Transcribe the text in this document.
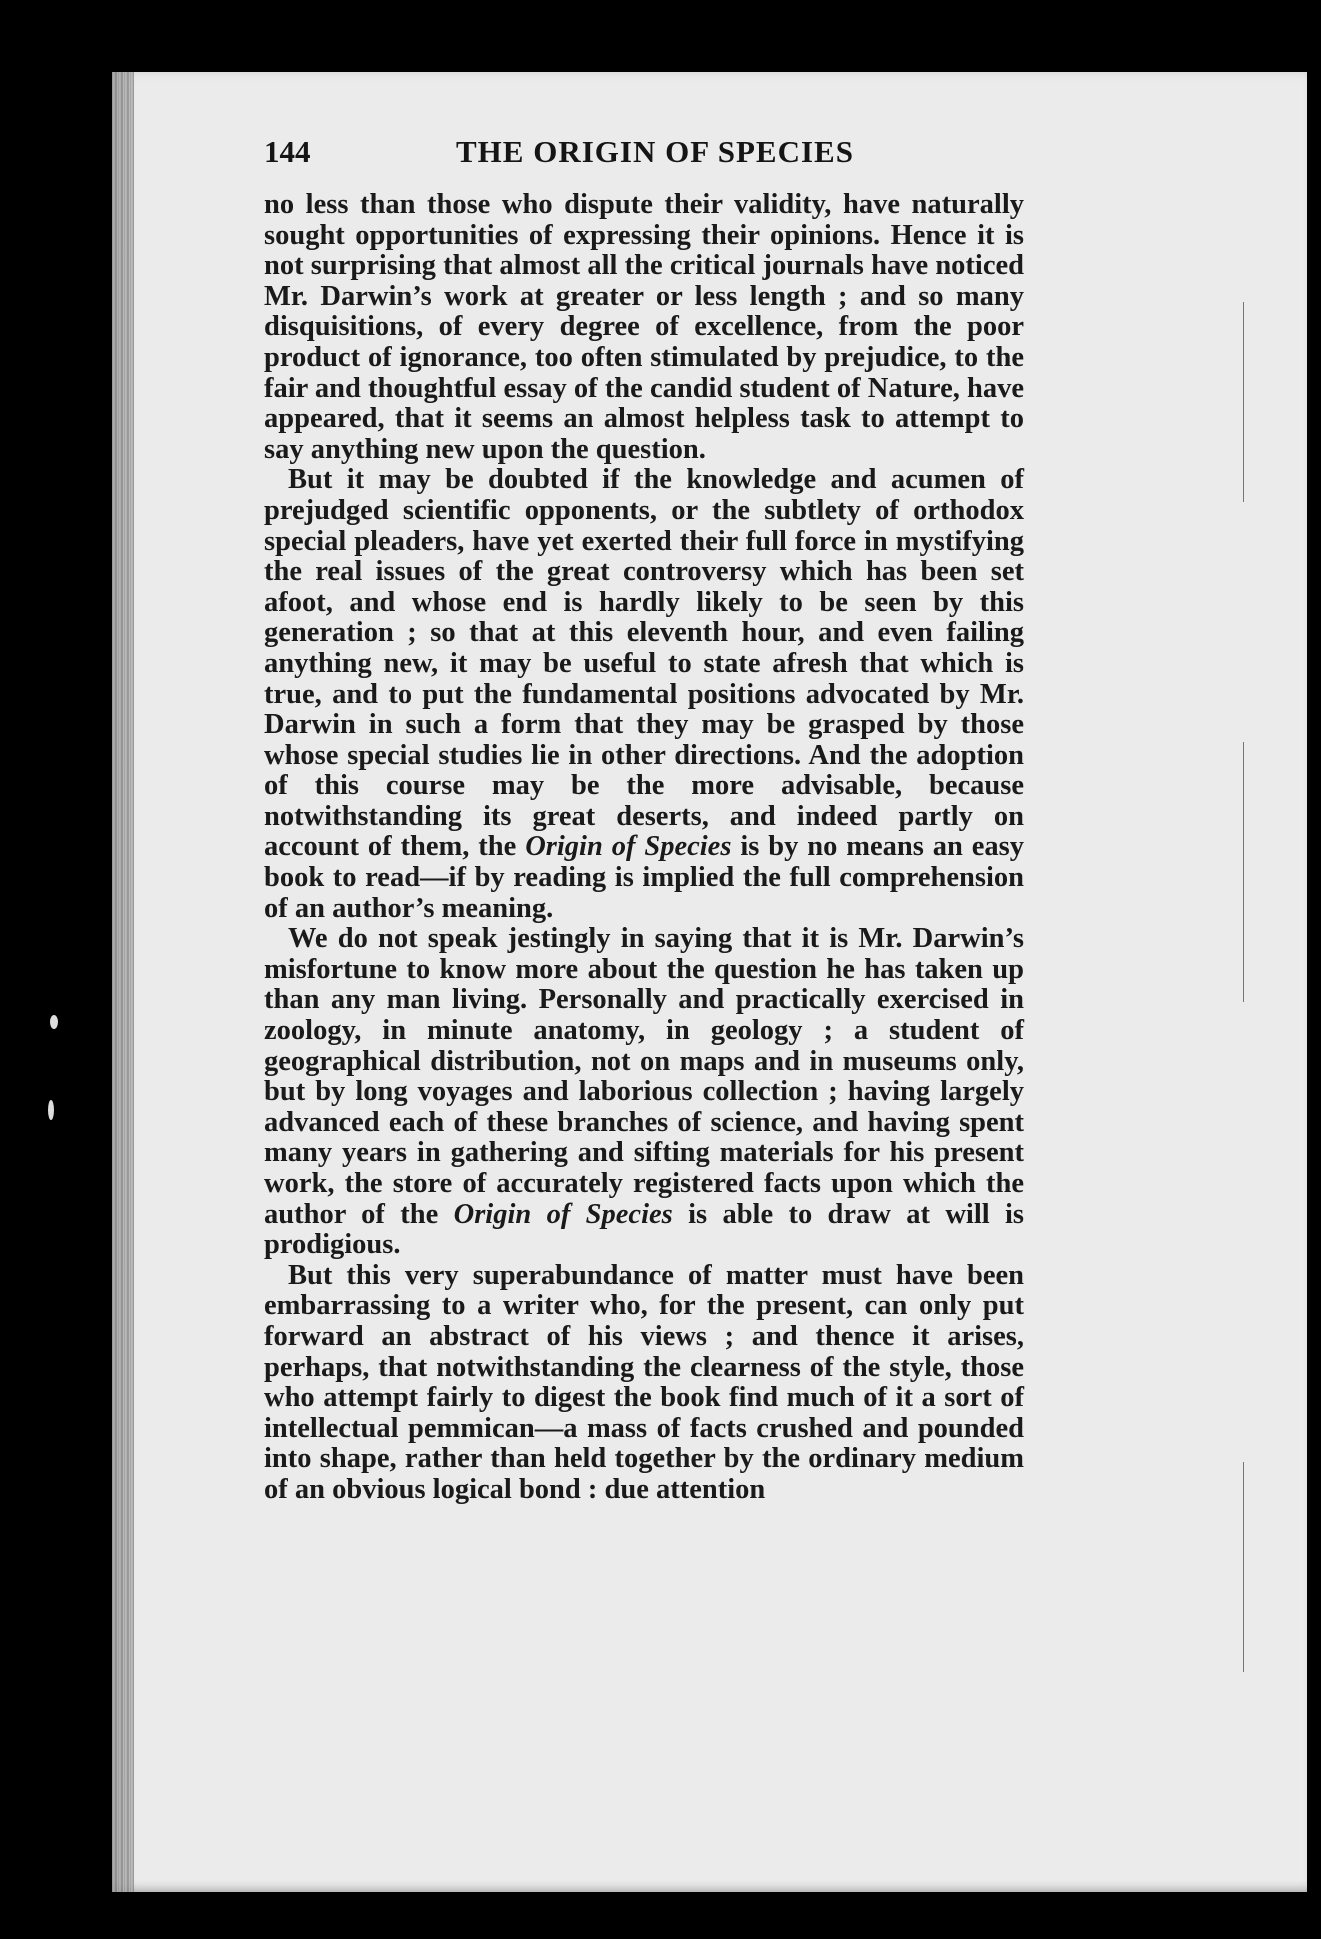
144	THE ORIGIN OF SPECIES

no less than those who dispute their validity, have naturally sought opportunities of expressing their opinions. Hence it is not surprising that almost all the critical journals have noticed Mr. Darwin’s work at greater or less length ; and so many disquisitions, of every degree of excellence, from the poor product of ignorance, too often stimulated by prejudice, to the fair and thoughtful essay of the candid student of Nature, have appeared, that it seems an almost helpless task to attempt to say anything new upon the question.

But it may be doubted if the knowledge and acumen of prejudged scientific opponents, or the subtlety of orthodox special pleaders, have yet exerted their full force in mystifying the real issues of the great controversy which has been set afoot, and whose end is hardly likely to be seen by this generation ; so that at this eleventh hour, and even failing anything new, it may be useful to state afresh that which is true, and to put the fundamental positions advocated by Mr. Darwin in such a form that they may be grasped by those whose special studies lie in other directions. And the adoption of this course may be the more advisable, because notwithstanding its great deserts, and indeed partly on account of them, the Origin of Species is by no means an easy book to read—if by reading is implied the full comprehension of an author’s meaning.

We do not speak jestingly in saying that it is Mr. Darwin’s misfortune to know more about the question he has taken up than any man living. Personally and practically exercised in zoology, in minute anatomy, in geology ; a student of geographical distribution, not on maps and in museums only, but by long voyages and laborious collection ; having largely advanced each of these branches of science, and having spent many years in gathering and sifting materials for his present work, the store of accurately registered facts upon which the author of the Origin of Species is able to draw at will is prodigious.

But this very superabundance of matter must have been embarrassing to a writer who, for the present, can only put forward an abstract of his views ; and thence it arises, perhaps, that notwithstanding the clearness of the style, those who attempt fairly to digest the book find much of it a sort of intellectual pemmican—a mass of facts crushed and pounded into shape, rather than held together by the ordinary medium of an obvious logical bond : due attention
